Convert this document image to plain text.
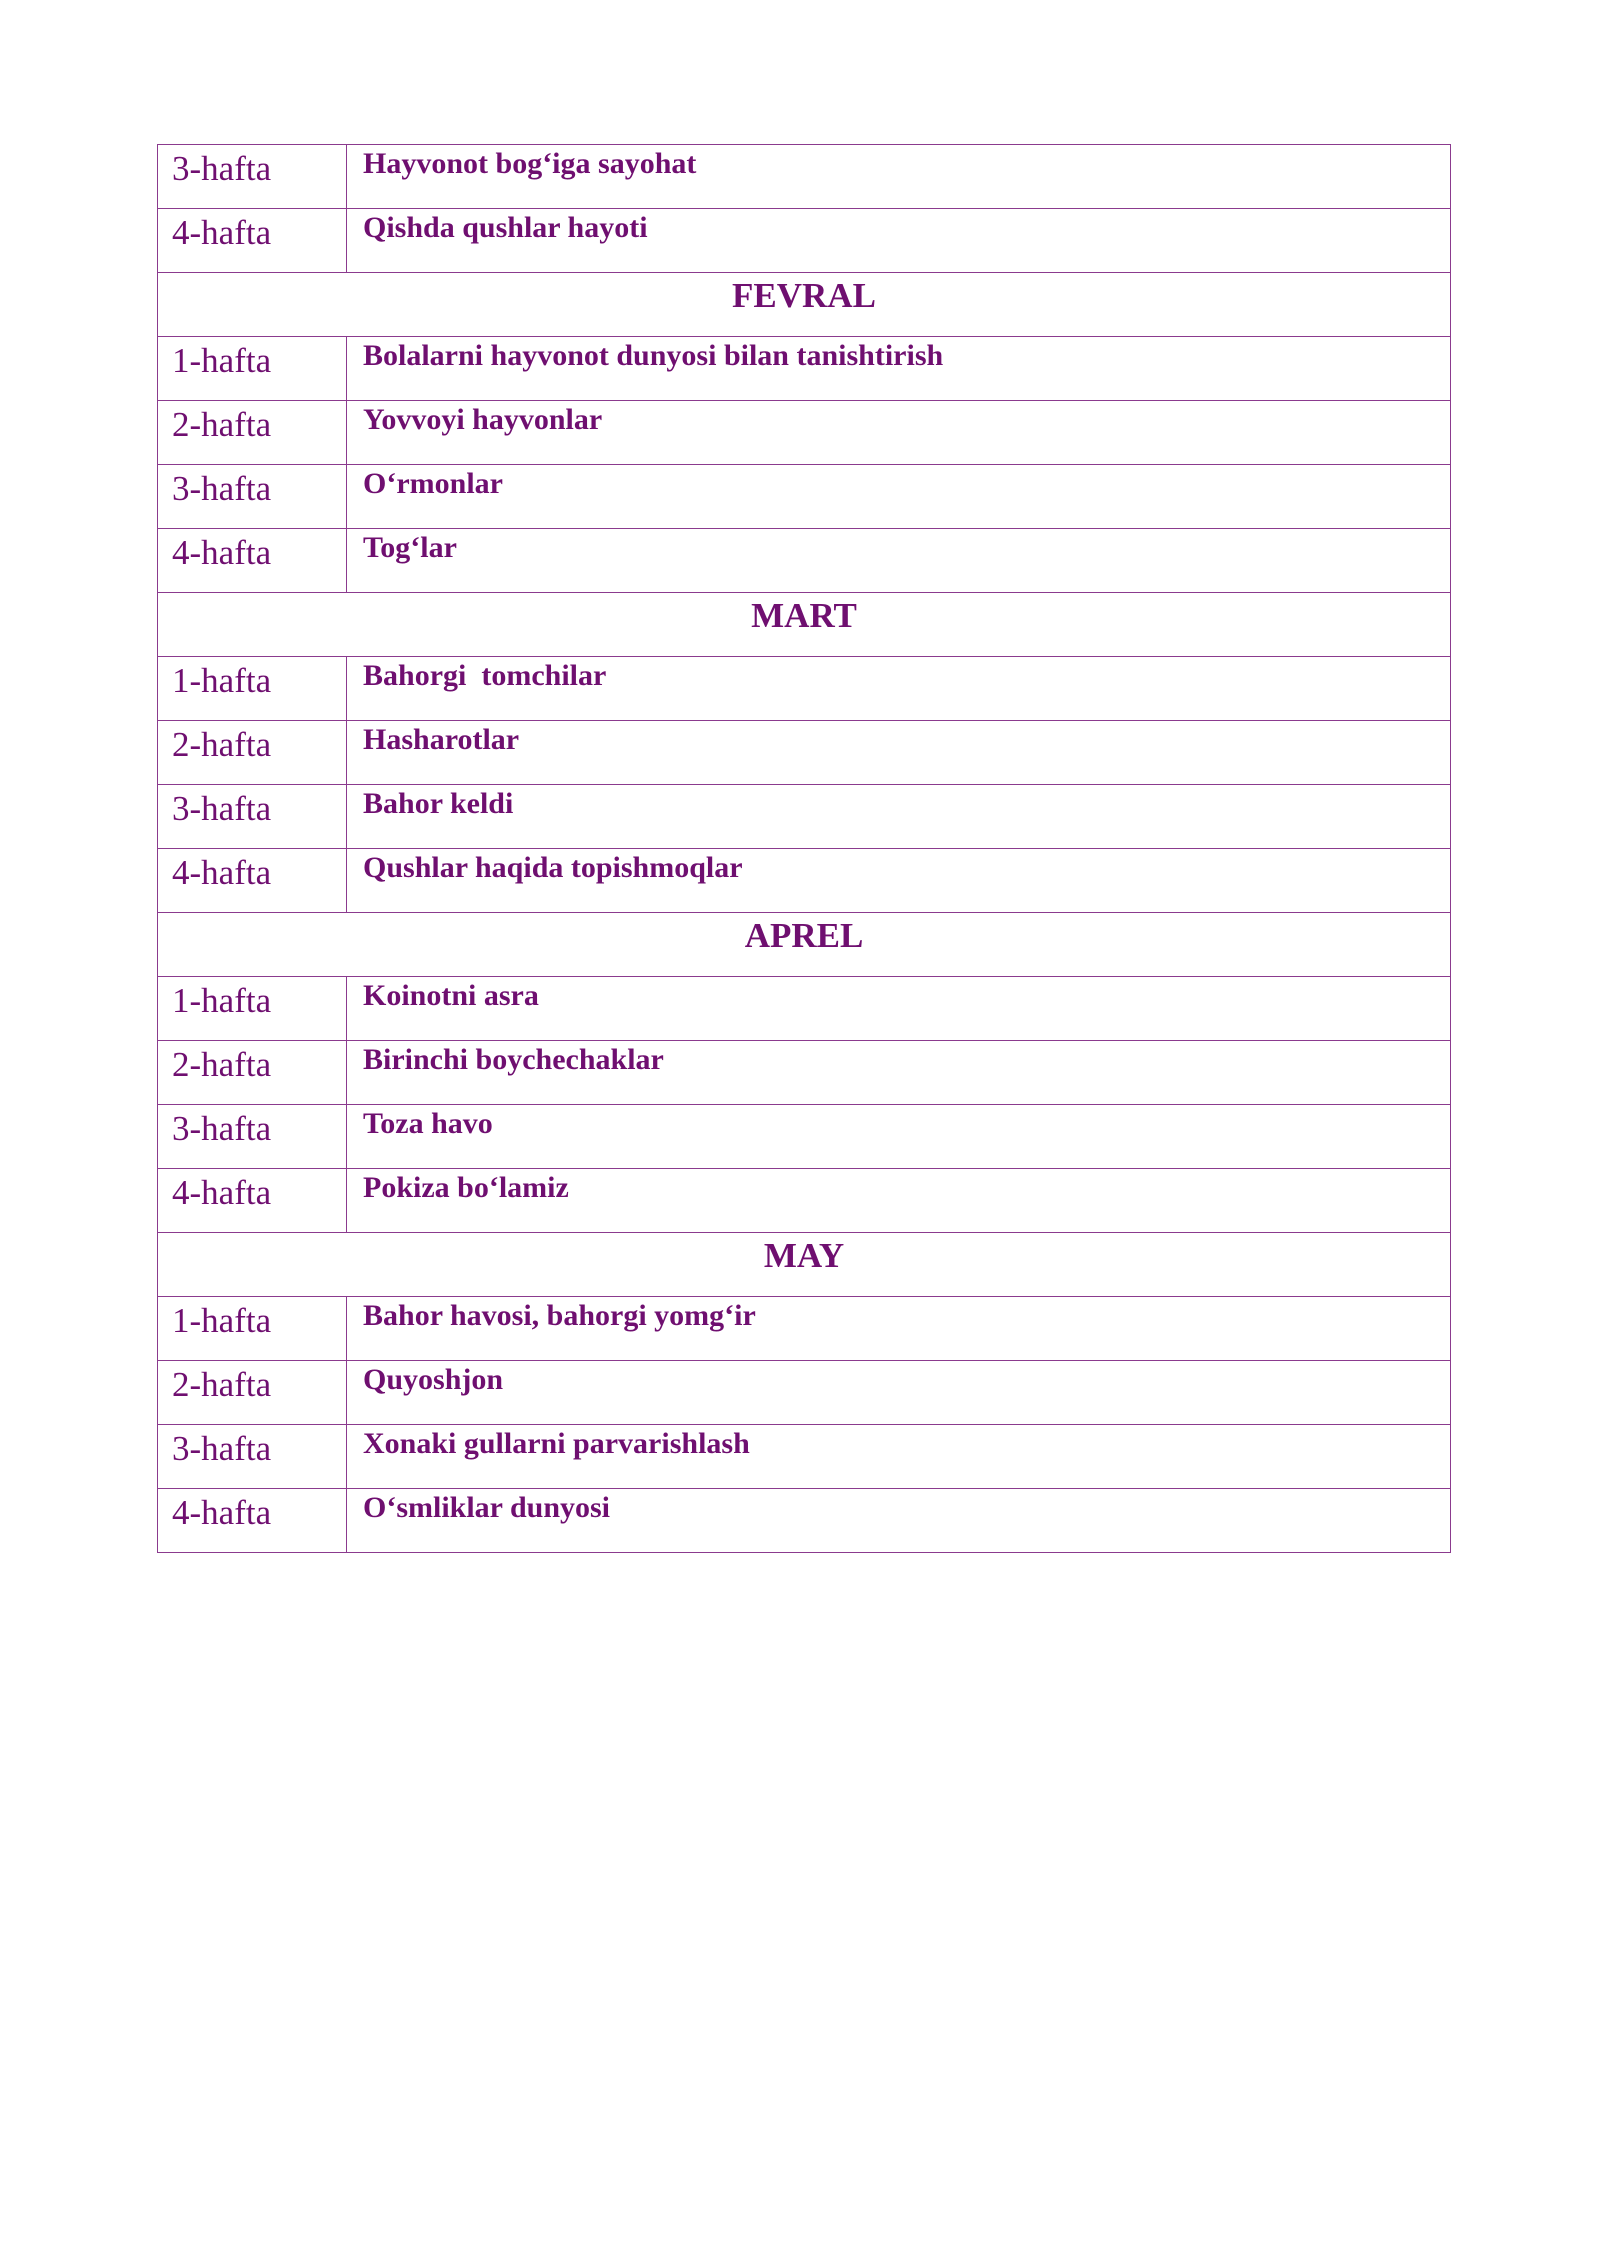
3-hafta	Hayvonot bog‘iga sayohat
4-hafta	Qishda qushlar hayoti
FEVRAL	
1-hafta	Bolalarni hayvonot dunyosi bilan tanishtirish
2-hafta	Yovvoyi hayvonlar
3-hafta	O‘rmonlar
4-hafta	Tog‘lar
MART	
1-hafta	Bahorgi  tomchilar
2-hafta	Hasharotlar
3-hafta	Bahor keldi
4-hafta	Qushlar haqida topishmoqlar
APREL	
1-hafta	Koinotni asra
2-hafta	Birinchi boychechaklar
3-hafta	Toza havo
4-hafta	Pokiza bo‘lamiz
MAY	
1-hafta	Bahor havosi, bahorgi yomg‘ir
2-hafta	Quyoshjon
3-hafta	Xonaki gullarni parvarishlash
4-hafta	O‘smliklar dunyosi
